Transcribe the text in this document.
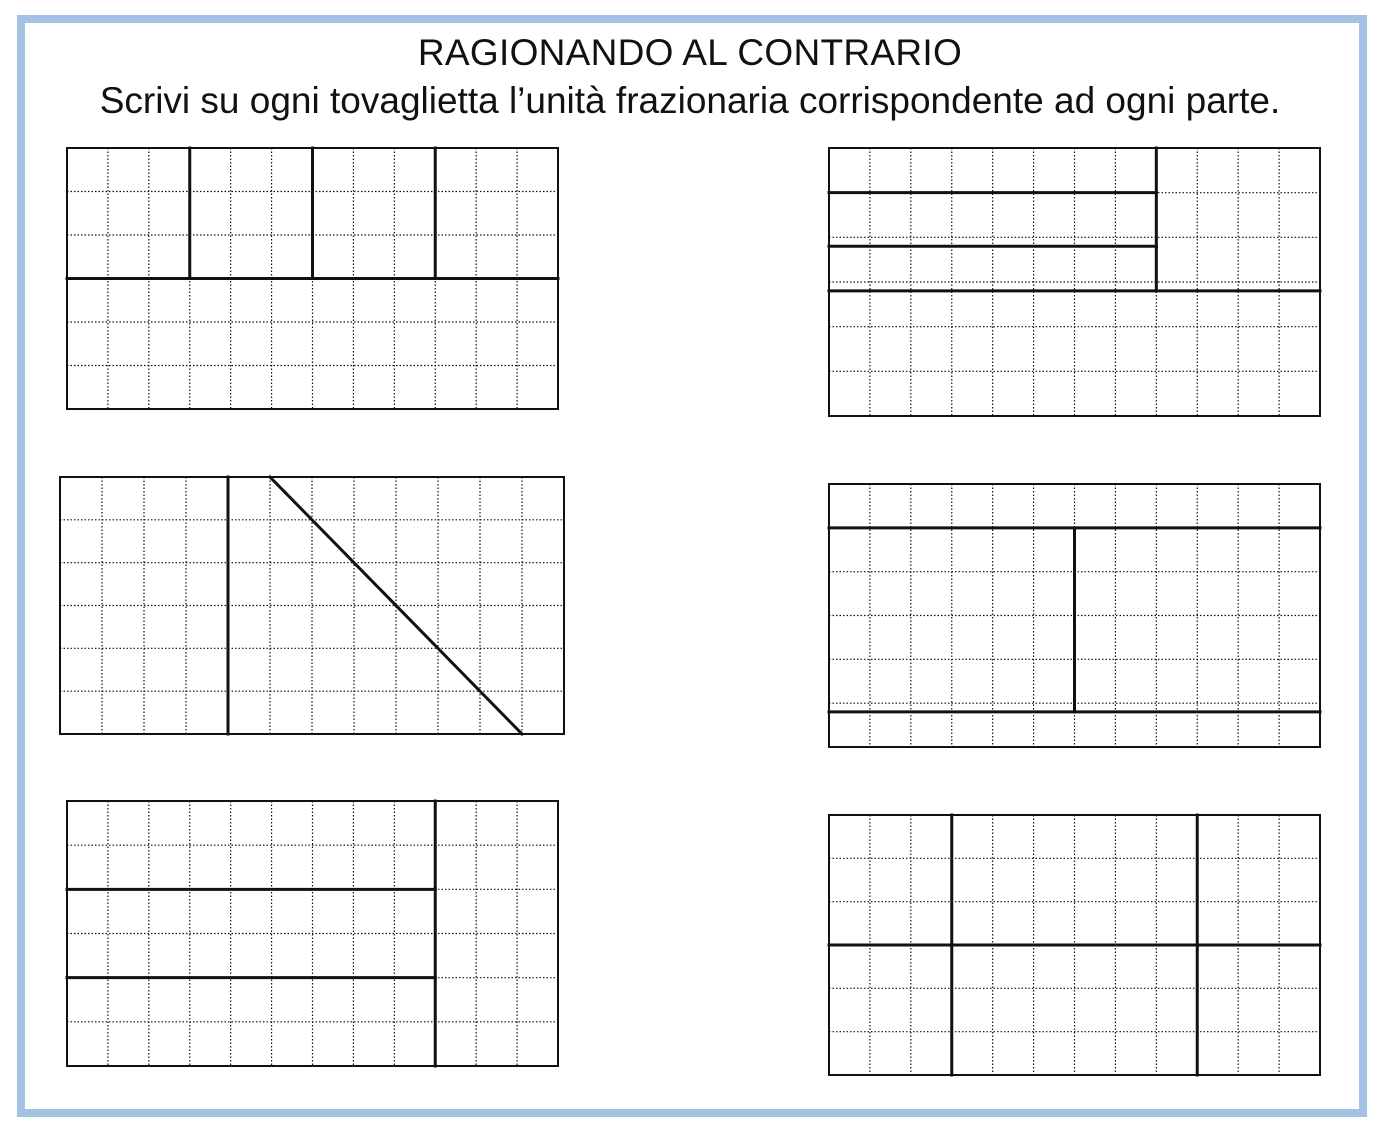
RAGIONANDO AL CONTRARIO
Scrivi su ogni tovaglietta l’unità frazionaria corrispondente ad ogni parte.
